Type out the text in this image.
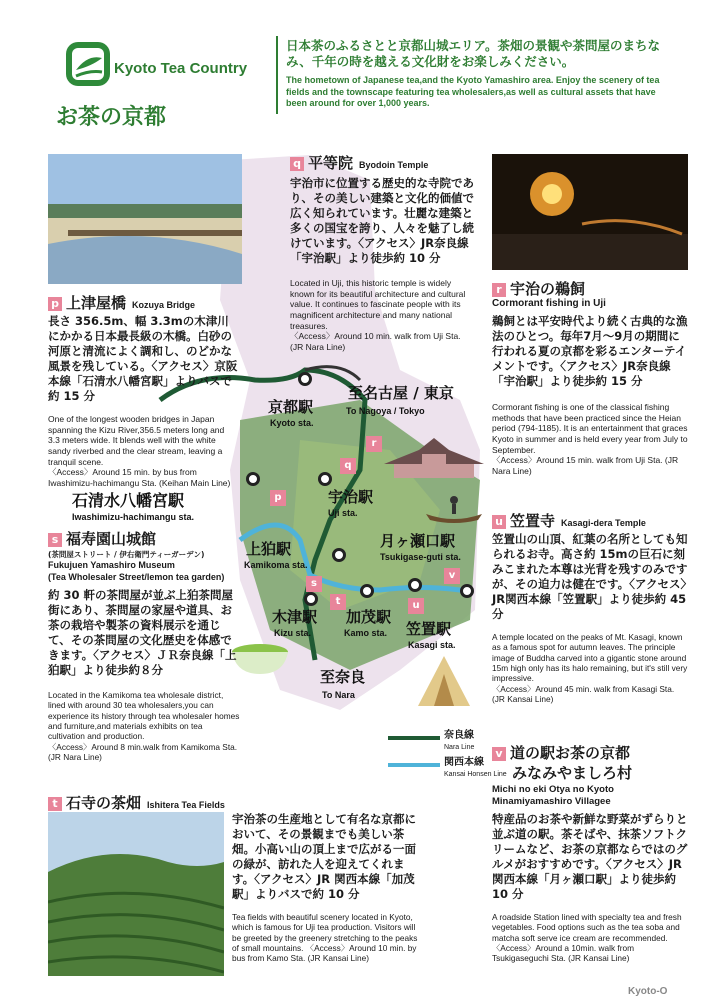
Kyoto Tea Country
お茶の京都
日本茶のふるさとと京都山城エリア。茶畑の景観や茶問屋のまちなみ、千年の時を越える文化財をお楽しみください。
The hometown of Japanese tea,and the Kyoto Yamashiro area. Enjoy the scenery of tea fields and the townscape featuring tea wholesalers,as well as cultural assets that have been around for over 1,000 years.
r
q
p
s
t	u
v
京都駅
Kyoto sta.
至名古屋 / 東京
To Nagoya / Tokyo
石清水八幡宮駅
Iwashimizu-hachimangu sta.
宇治駅
Uji sta.
上狛駅
Kamikoma sta.
月ヶ瀬口駅
Tsukigase-guti sta.
木津駅
Kizu sta.
加茂駅
Kamo sta. 笠置駅
Kasagi sta.
至奈良
To Nara
奈良線
Nara Line
関西本線
Kansai Honsen Line
q 平等院 Byodoin Temple
宇治市に位置する歴史的な寺院であり、その美しい建築と文化的価値で広く知られています。壮麗な建築と多くの国宝を誇り、人々を魅了し続けています。〈アクセス〉JR奈良線「宇治駅」より徒歩約 10 分
Located in Uji, this historic temple is widely known for its beautiful architecture and cultural value. It continues to fascinate people with its magnificent architecture and many national treasures.
〈Access〉Around 10 min. walk from Uji Sta. (JR Nara Line)
p 上津屋橋 Kozuya Bridge
長さ 356.5m、幅 3.3mの木津川にかかる日本最長級の木橋。白砂の河原と清流によく調和し、のどかな風景を残している。〈アクセス〉京阪本線「石清水八幡宮駅」よりバスで約 15 分
One of the longest wooden bridges in Japan spanning the Kizu River,356.5 meters long and 3.3 meters wide. It blends well with the white sandy riverbed and the clear stream, leaving a tranquil scene.
〈Access〉Around 15 min. by bus from Iwashimizu-hachimangu Sta. (Keihan Main Line)
r 宇治の鵜飼
Cormorant fishing in Uji
鵜飼とは平安時代より続く古典的な漁法のひとつ。毎年7月〜9月の期間に行われる夏の京都を彩るエンターテイメントです。〈アクセス〉JR奈良線「宇治駅」より徒歩約 15 分
Cormorant fishing is one of the classical fishing methods that have been practiced since the Heian period (794-1185). It is an entertainment that graces Kyoto in summer and is held every year from July to September.
〈Access〉Around 15 min. walk from Uji Sta. (JR Nara Line)
s 福寿園山城館
(茶問屋ストリート / 伊右衛門ティーガーデン)
Fukujuen Yamashiro Museum
(Tea Wholesaler Street/lemon tea garden)
約 30 軒の茶問屋が並ぶ上狛茶問屋街にあり、茶問屋の家屋や道具、お茶の栽培や製茶の資料展示を通じて、その茶問屋の文化歴史を体感できます。〈アクセス〉ＪＲ奈良線「上狛駅」より徒歩約８分
Located in the Kamikoma tea wholesale district, lined with around 30 tea wholesalers,you can experience its history through tea wholesaler homes and furniture,and materials exhibits on tea cultivation and production.
〈Access〉Around 8 min.walk from Kamikoma Sta. (JR Nara Line)
u 笠置寺 Kasagi-dera Temple
笠置山の山頂、紅葉の名所としても知られるお寺。高さ約 15mの巨石に刻みこまれた本尊は光背を残すのみですが、その迫力は健在です。〈アクセス〉JR関西本線「笠置駅」より徒歩約 45 分
A temple located on the peaks of Mt. Kasagi, known as a famous spot for autumn leaves. The principle image of Buddha carved into a gigantic stone around 15m high only has its halo remaining, but it's still very impressive.
〈Access〉Around 45 min. walk from Kasagi Sta. (JR Kansai Line)
t 石寺の茶畑 Ishitera Tea Fields
宇治茶の生産地として有名な京都において、その景観までも美しい茶畑。小高い山の頂上まで広がる一面の緑が、訪れた人を迎えてくれます。〈アクセス〉JR 関西本線「加茂駅」よりバスで約 10 分
Tea fields with beautiful scenery located in Kyoto, which is famous for Uji tea production. Visitors will be greeted by the greenery stretching to the peaks of small mountains. 〈Access〉Around 10 min. by bus from Kamo Sta. (JR Kansai Line)
v 道の駅お茶の京都
みなみやましろ村
Michi no eki Otya no Kyoto
Minamiyamashiro Villagee
特産品のお茶や新鮮な野菜がずらりと並ぶ道の駅。茶そばや、抹茶ソフトクリームなど、お茶の京都ならではのグルメがおすすめです。〈アクセス〉JR 関西本線「月ヶ瀬口駅」より徒歩約 10 分
A roadside Station lined with specialty tea and fresh vegetables. Food options such as the tea soba and matcha soft serve ice cream are recommended.
〈Access〉Around a 10min. walk from Tsukigaseguchi Sta. (JR Kansai Line)
Kyoto-O
